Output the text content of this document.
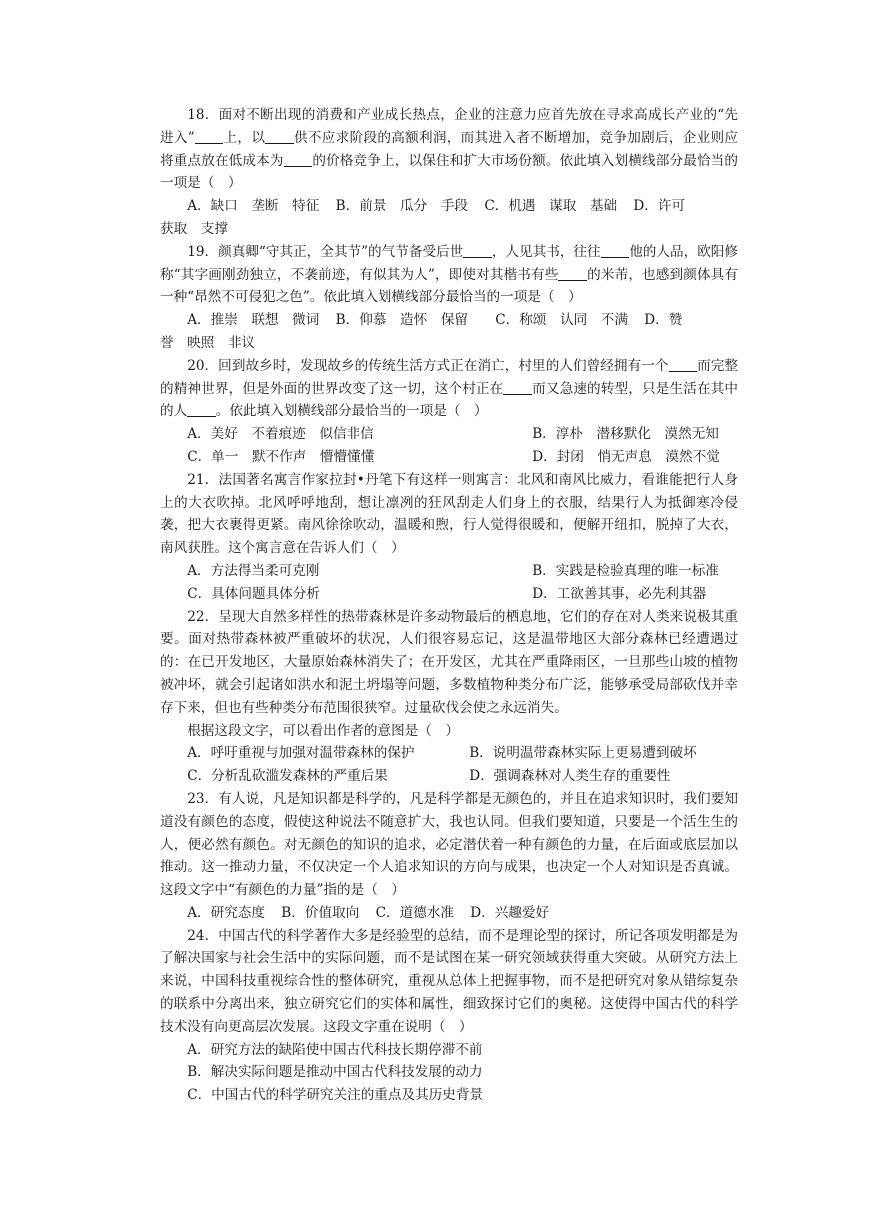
18．面对不断出现的消费和产业成长热点，企业的注意力应首先放在寻求高成长产业的“先进入” 上，以 供不应求阶段的高额利润，而其进入者不断增加，竞争加剧后，企业则应将重点放在低成本为 的价格竞争上，以保住和扩大市场份额。依此填入划横线部分最恰当的一项是（　）

A．缺口　垄断　特征 B．前景　瓜分　手段 C．机遇　谋取　基础 D．许可

获取　支撑

19．颜真卿“守其正，全其节”的气节备受后世 ，人见其书，往往 他的人品，欧阳修称“其字画刚劲独立，不袭前迹，有似其为人”，即使对其楷书有些 的米芾，也感到颜体具有一种“昂然不可侵犯之色”。依此填入划横线部分最恰当的一项是（　）

A．推崇　联想　微词 B．仰慕　造怀　保留 C．称颂　认同　不满 D．赞

誉　映照　非议

20．回到故乡时，发现故乡的传统生活方式正在消亡，村里的人们曾经拥有一个 而完整的精神世界，但是外面的世界改变了这一切，这个村正在 而又急速的转型，只是生活在其中的人 。依此填入划横线部分最恰当的一项是（　）

A．美好　不着痕迹　似信非信	B．淳朴　潜移默化　漠然无知
C．单一　默不作声　懵懵懂懂	D．封闭　悄无声息　漠然不觉

21．法国著名寓言作家拉封•丹笔下有这样一则寓言：北风和南风比威力，看谁能把行人身上的大衣吹掉。北风呼呼地刮，想让凛冽的狂风刮走人们身上的衣服，结果行人为抵御寒冷侵袭，把大衣裹得更紧。南风徐徐吹动，温暖和煦，行人觉得很暖和，便解开纽扣，脱掉了大衣，南风获胜。这个寓言意在告诉人们（　）

A．方法得当柔可克刚	B．实践是检验真理的唯一标准
C．具体问题具体分析	D．工欲善其事，必先利其器

22．呈现大自然多样性的热带森林是许多动物最后的栖息地，它们的存在对人类来说极其重要。面对热带森林被严重破坏的状况，人们很容易忘记，这是温带地区大部分森林已经遭遇过的：在已开发地区，大量原始森林消失了；在开发区，尤其在严重降雨区，一旦那些山坡的植物被冲坏，就会引起诸如洪水和泥土坍塌等问题，多数植物种类分布广泛，能够承受局部砍伐并幸存下来，但也有些种类分布范围很狭窄。过量砍伐会使之永远消失。

根据这段文字，可以看出作者的意图是（　）

A．呼吁重视与加强对温带森林的保护	B．说明温带森林实际上更易遭到破坏
C．分析乱砍滥发森林的严重后果	D．强调森林对人类生存的重要性

23．有人说，凡是知识都是科学的，凡是科学都是无颜色的，并且在追求知识时，我们要知道没有颜色的态度，假使这种说法不随意扩大，我也认同。但我们要知道，只要是一个活生生的人，便必然有颜色。对无颜色的知识的追求，必定潜伏着一种有颜色的力量，在后面或底层加以推动。这一推动力量，不仅决定一个人追求知识的方向与成果，也决定一个人对知识是否真诚。这段文字中“有颜色的力量”指的是（　）

A．研究态度 B．价值取向 C．道德水准 D．兴趣爱好

24．中国古代的科学著作大多是经验型的总结，而不是理论型的探讨，所记各项发明都是为了解决国家与社会生活中的实际问题，而不是试图在某一研究领域获得重大突破。从研究方法上来说，中国科技重视综合性的整体研究，重视从总体上把握事物，而不是把研究对象从错综复杂的联系中分离出来，独立研究它们的实体和属性，细致探讨它们的奥秘。这使得中国古代的科学技术没有向更高层次发展。这段文字重在说明（　）

A．研究方法的缺陷使中国古代科技长期停滞不前

B．解决实际问题是推动中国古代科技发展的动力

C．中国古代的科学研究关注的重点及其历史背景
